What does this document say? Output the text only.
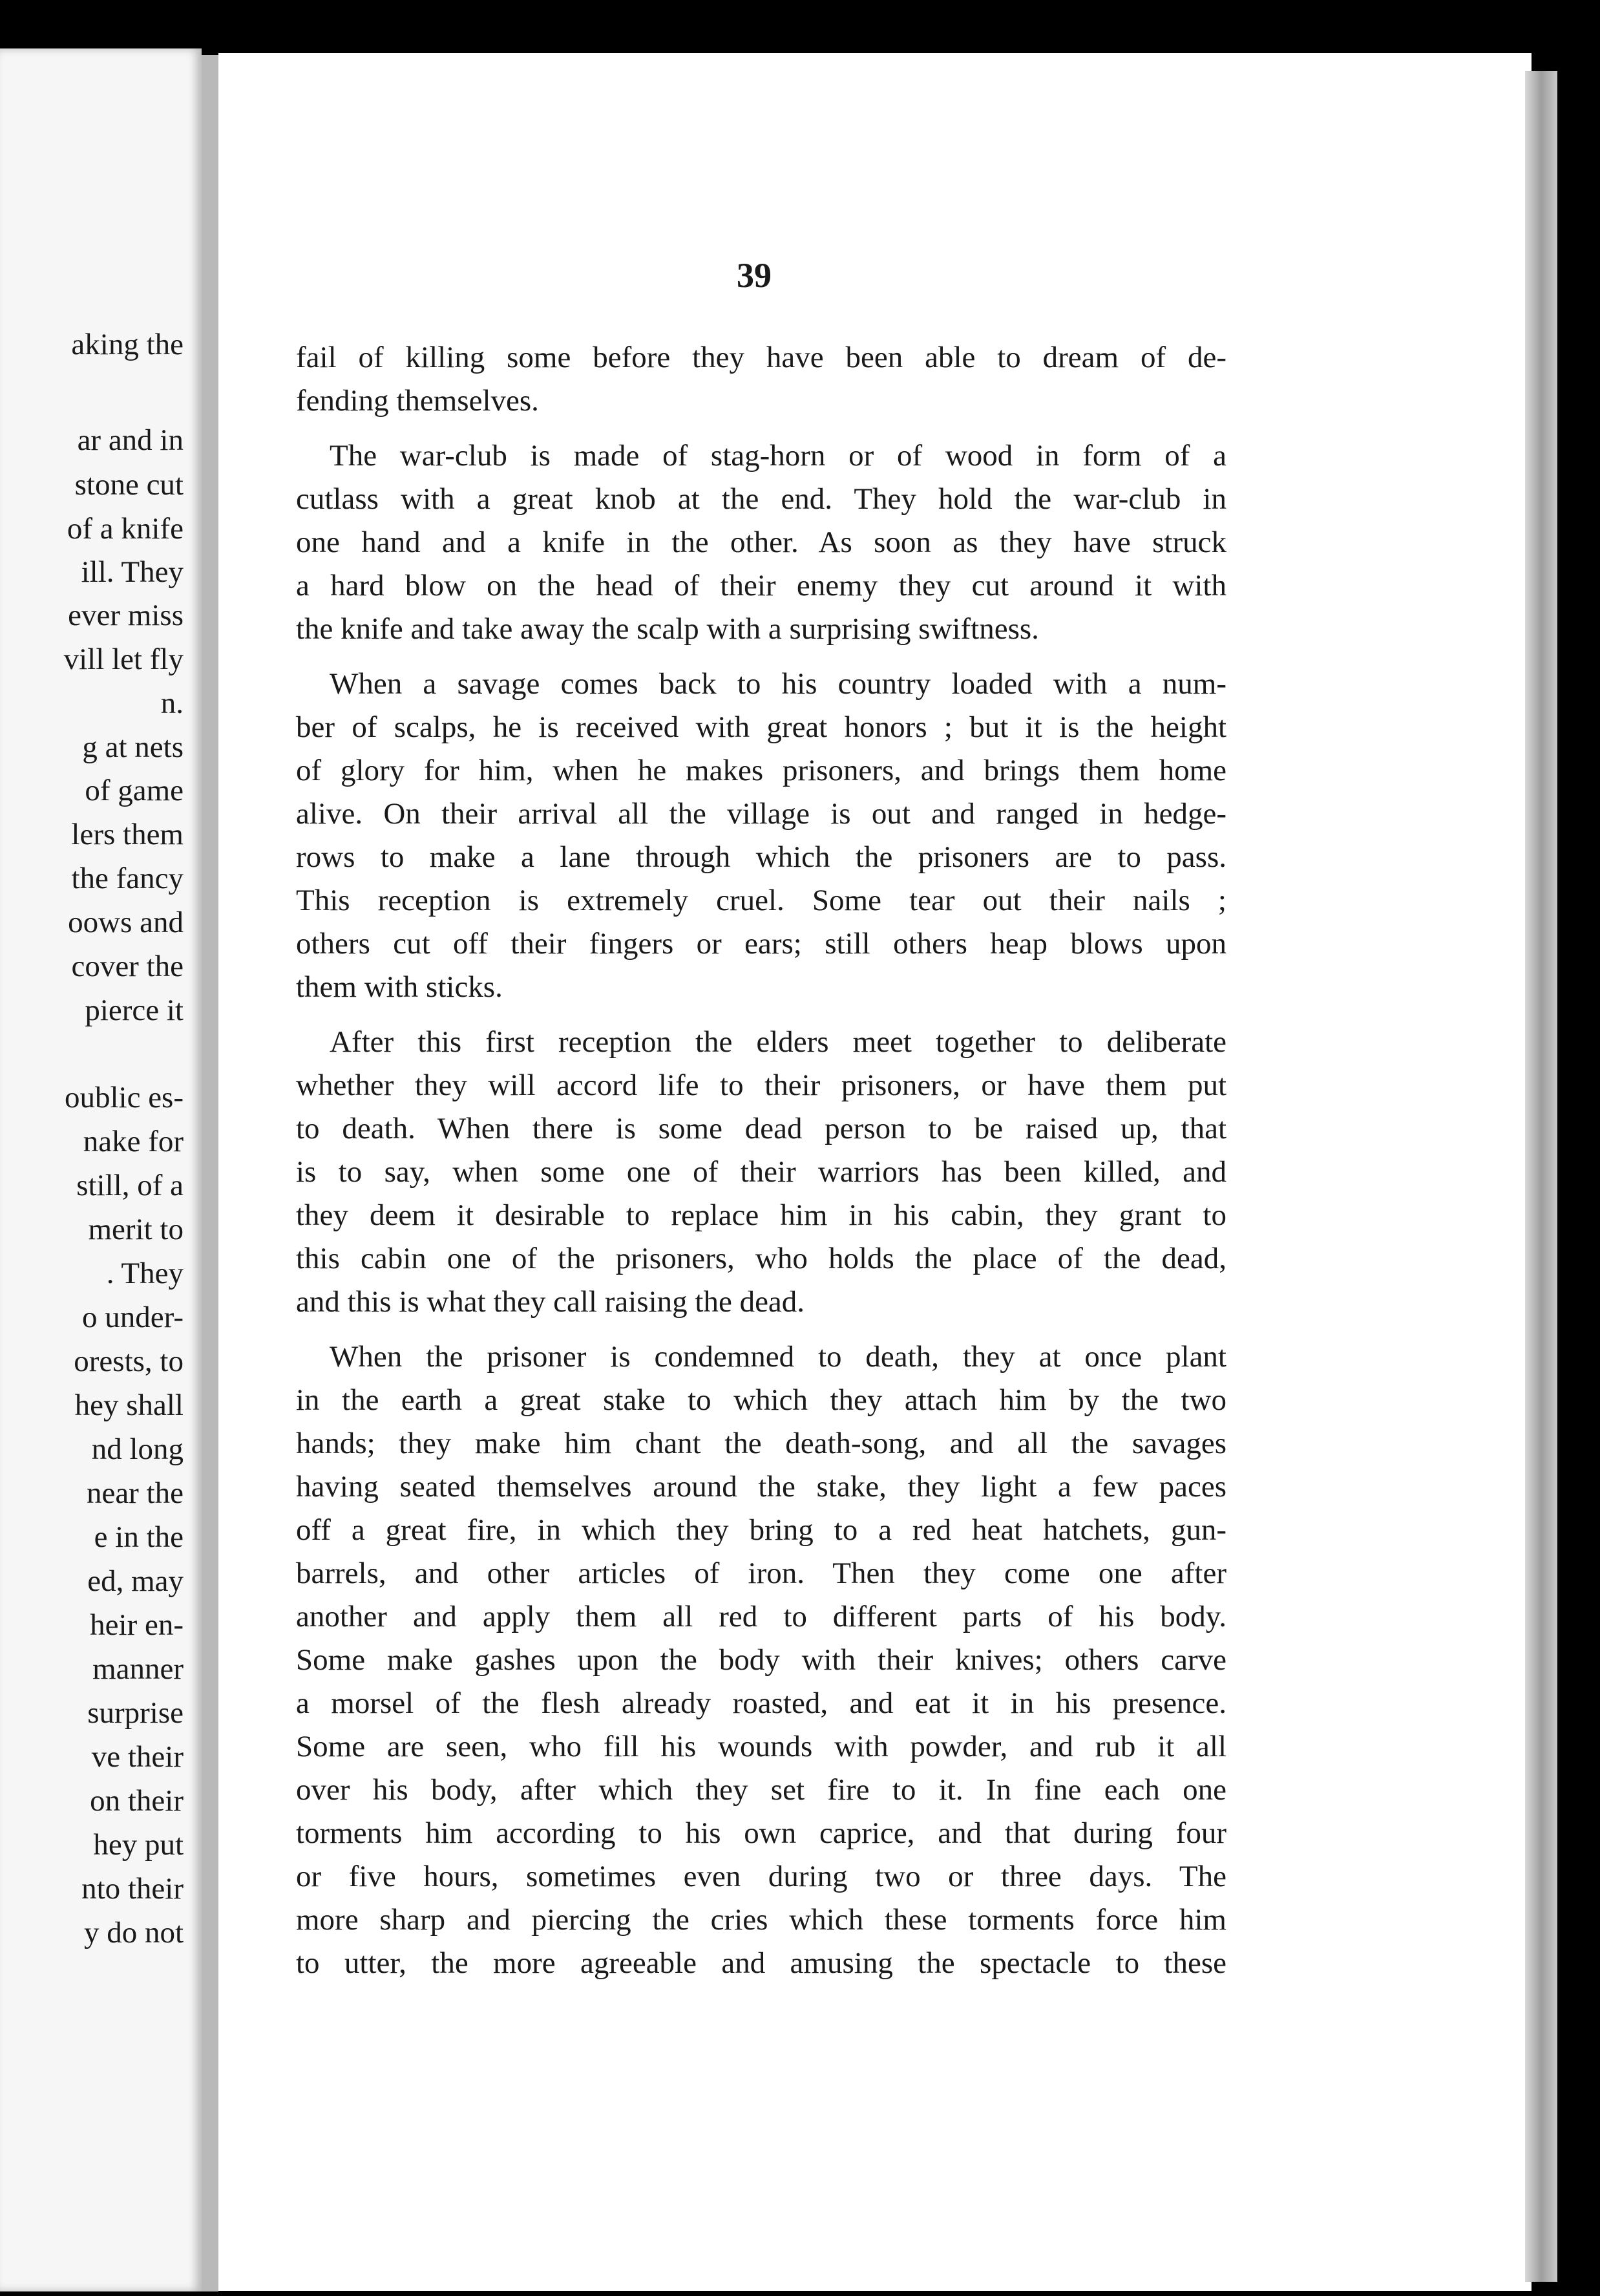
aking the
ar and in
stone cut
of a knife
ill. They
ever miss
vill let fly
n.
g at nets
of game
lers them
the fancy
oows and
cover the
pierce it
oublic es-
nake for
still, of a
merit to
. They
o under-
orests, to
hey shall
nd long
near the
e in the
ed, may
heir en-
manner
surprise
ve their
on their
hey put
nto their
y do not
39
fail of killing some before they have been able to dream of de-
fending themselves.
The war-club is made of stag-horn or of wood in form of a
cutlass with a great knob at the end. They hold the war-club in
one hand and a knife in the other. As soon as they have struck
a hard blow on the head of their enemy they cut around it with
the knife and take away the scalp with a surprising swiftness.
When a savage comes back to his country loaded with a num-
ber of scalps, he is received with great honors ; but it is the height
of glory for him, when he makes prisoners, and brings them home
alive. On their arrival all the village is out and ranged in hedge-
rows to make a lane through which the prisoners are to pass.
This reception is extremely cruel. Some tear out their nails ;
others cut off their fingers or ears; still others heap blows upon
them with sticks.
After this first reception the elders meet together to deliberate
whether they will accord life to their prisoners, or have them put
to death. When there is some dead person to be raised up, that
is to say, when some one of their warriors has been killed, and
they deem it desirable to replace him in his cabin, they grant to
this cabin one of the prisoners, who holds the place of the dead,
and this is what they call raising the dead.
When the prisoner is condemned to death, they at once plant
in the earth a great stake to which they attach him by the two
hands; they make him chant the death-song, and all the savages
having seated themselves around the stake, they light a few paces
off a great fire, in which they bring to a red heat hatchets, gun-
barrels, and other articles of iron. Then they come one after
another and apply them all red to different parts of his body.
Some make gashes upon the body with their knives; others carve
a morsel of the flesh already roasted, and eat it in his presence.
Some are seen, who fill his wounds with powder, and rub it all
over his body, after which they set fire to it. In fine each one
torments him according to his own caprice, and that during four
or five hours, sometimes even during two or three days. The
more sharp and piercing the cries which these torments force him
to utter, the more agreeable and amusing the spectacle to these
